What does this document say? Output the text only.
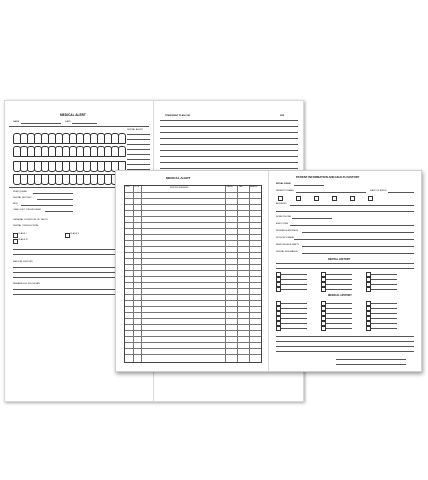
MEDICAL ALERT
NAME	DATE
DENTAL ALERT
PERIO EXAM
DENTAL HISTORY
BITE
ORAL SOFT TISSUE EXAM
GENERAL CONDITION OF TEETH
DENTAL / PERIODONTAL
CLASS I	CLASS II
CLASS III
MEDICAL HISTORY
REMARKS BY PHYSICIAN
TREATMENT PLAN FOR	FEE
MEDICAL ALERT
DATE TOOTH	SERVICE RENDERED	CHARGE	PAID	BALANCE
PATIENT INFORMATION AND HEALTH HISTORY
INITIAL EXAM
PATIENT'S NAME	DATE OF BIRTH
ADDRESS
HOME PHONE
EMPLOYER
BUSINESS ADDRESS
SPOUSE'S NAME
RESPONSIBLE PARTY
DENTAL INSURANCE
DENTAL HISTORY
MEDICAL HISTORY
